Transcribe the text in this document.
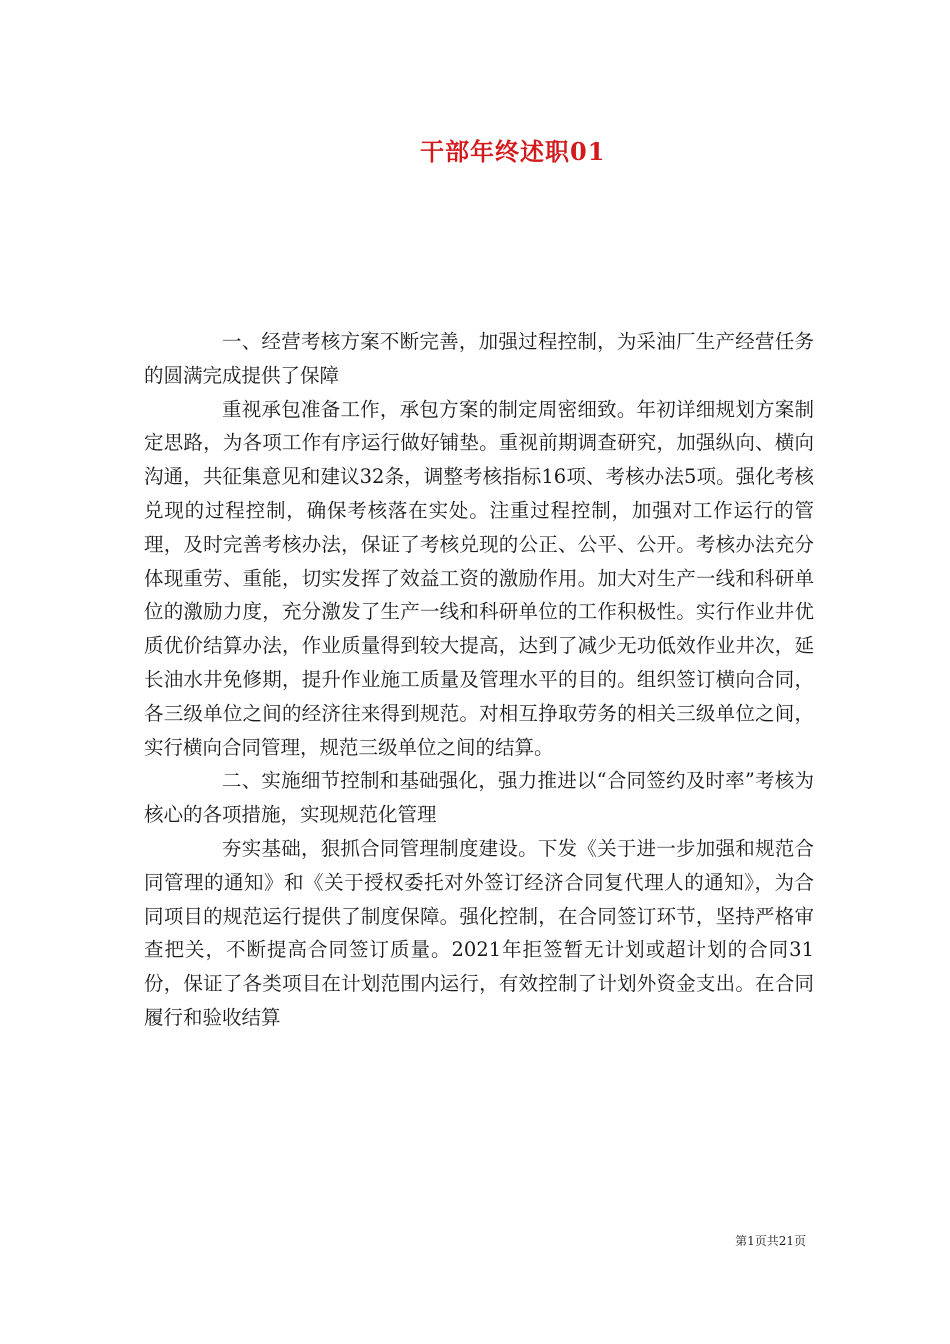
干部年终述职01

一、经营考核方案不断完善，加强过程控制，为采油厂生产经营任务的圆满完成提供了保障

重视承包准备工作，承包方案的制定周密细致。年初详细规划方案制定思路，为各项工作有序运行做好铺垫。重视前期调查研究，加强纵向、横向沟通，共征集意见和建议32条，调整考核指标16项、考核办法5项。强化考核兑现的过程控制，确保考核落在实处。注重过程控制，加强对工作运行的管理，及时完善考核办法，保证了考核兑现的公正、公平、公开。考核办法充分体现重劳、重能，切实发挥了效益工资的激励作用。加大对生产一线和科研单位的激励力度，充分激发了生产一线和科研单位的工作积极性。实行作业井优质优价结算办法，作业质量得到较大提高，达到了减少无功低效作业井次，延长油水井免修期，提升作业施工质量及管理水平的目的。组织签订横向合同，各三级单位之间的经济往来得到规范。对相互挣取劳务的相关三级单位之间，实行横向合同管理，规范三级单位之间的结算。

二、实施细节控制和基础强化，强力推进以“合同签约及时率”考核为核心的各项措施，实现规范化管理

夯实基础，狠抓合同管理制度建设。下发《关于进一步加强和规范合同管理的通知》和《关于授权委托对外签订经济合同复代理人的通知》，为合同项目的规范运行提供了制度保障。强化控制，在合同签订环节，坚持严格审查把关，不断提高合同签订质量。2021年拒签暂无计划或超计划的合同31份，保证了各类项目在计划范围内运行，有效控制了计划外资金支出。在合同履行和验收结算

第1页共21页
